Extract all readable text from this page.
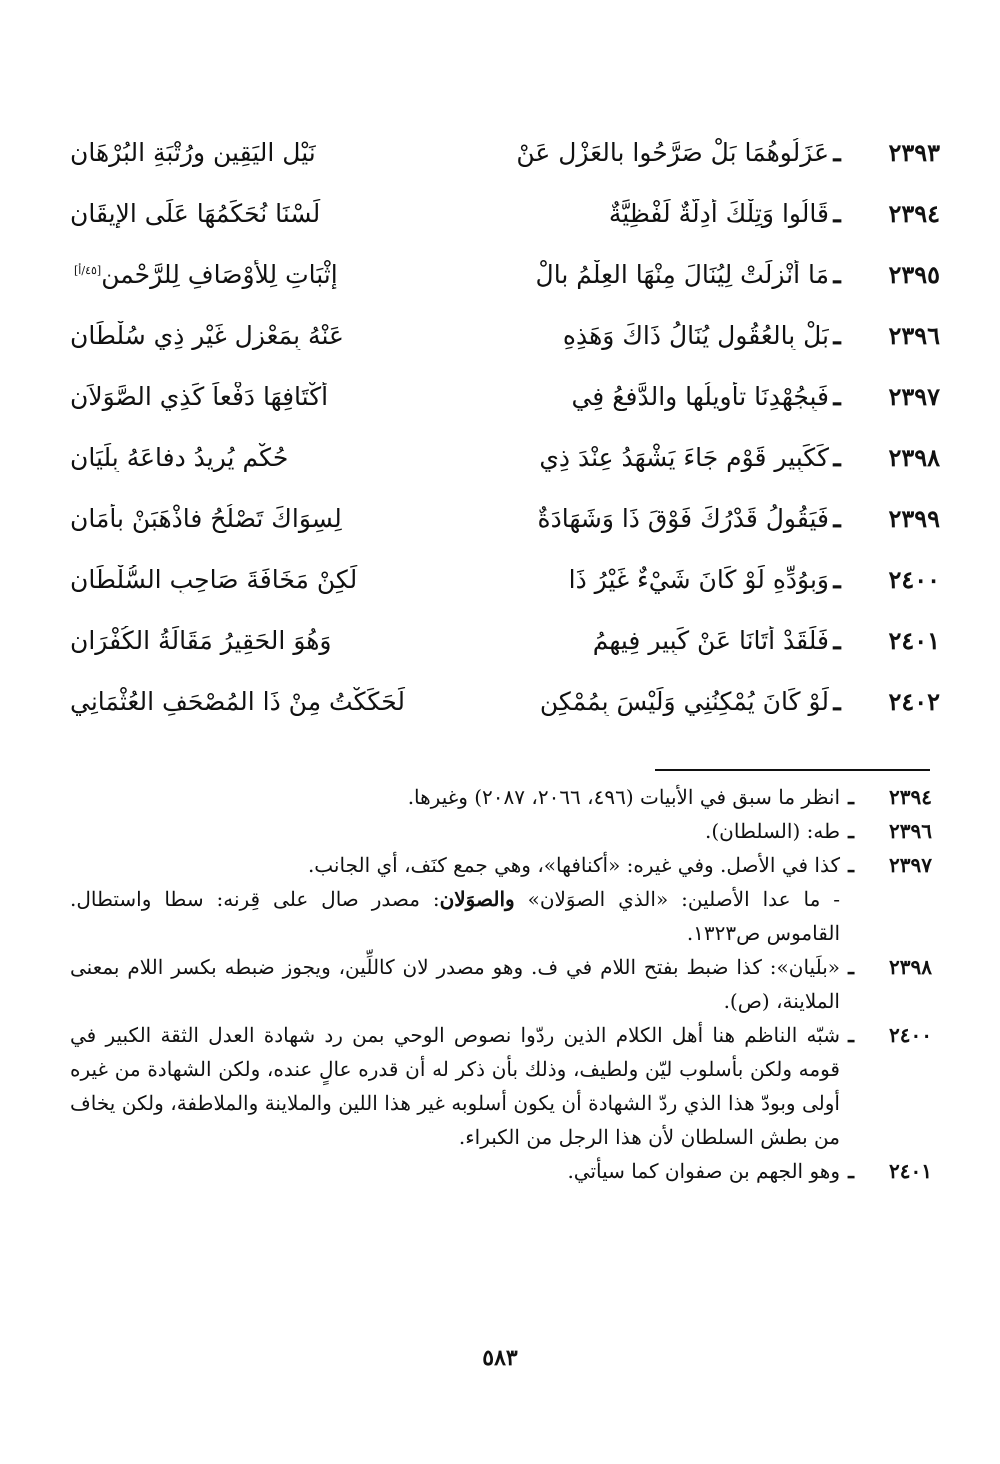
٢٣٩٣
ـ
عَزَلُوهُمَا بَلْ صَرَّحُوا بالعَزْلِ عَنْ
نَيْلِ اليَقِينِ ورُتْبَةِ البُرْهَانِ
٢٣٩٤
ـ
قَالُوا وَتِلْكَ أدِلَّةٌ لَفْظِيَّةٌ
لَسْنَا نُحَكِّمُهَا عَلَى الإيقَانِ
٢٣٩٥
ـ
مَا أُنْزِلَتْ لِيُنَالَ مِنْهَا العِلْمُ بالْ
إثْبَاتِ لِلأوْصَافِ لِلرَّحْمنِ[٤٥/أ]
٢٣٩٦
ـ
بَلْ بِالعُقُولِ يُنَالُ ذَاكَ وَهَذِهِ
عَنْهُ بِمَعْزِلِ غَيْرِ ذِي سُلْطَانِ
٢٣٩٧
ـ
فَبِجُهْدِنَا تأوِيلُها والدَّفعُ فِي
أكْتَافِهَا دَفْعاً كَذِي الصَّوَلاَنِ
٢٣٩٨
ـ
كَكَبِيرِ قَوْمٍ جَاءَ يَشْهَدُ عِنْدَ ذِي
حُكْمٍ يُرِيدُ دفاعَهُ بِلَيَانِ
٢٣٩٩
ـ
فَيَقُولُ قَدْرُكَ فَوْقَ ذَا وَشَهَادَةٌ
لِسِوَاكَ تَصْلُحُ فاذْهَبَنْ بأمَانِ
٢٤٠٠
ـ
وَبِوُدِّهِ لَوْ كَانَ شَيْءٌ غَيْرُ ذَا
لَكِنْ مَخَافَةَ صَاحِبِ السُّلْطَانِ
٢٤٠١
ـ
فَلَقَدْ أتَانَا عَنْ كَبِيرٍ فِيهِمُ
وَهُوَ الحَقِيرُ مَقَالَةُ الكُفْرَانِ
٢٤٠٢
ـ
لَوْ كَانَ يُمْكِنُنِي وَلَيْسَ بِمُمْكِنٍ
لَحَكَكْتُ مِنْ ذَا المُصْحَفِ العُثْمَانِي
٢٣٩٤
ـ
انظر ما سبق في الأبيات (٤٩٦، ٢٠٦٦، ٢٠٨٧) وغيرها.
٢٣٩٦
ـ
طه: (السلطان).
٢٣٩٧
ـ
كذا في الأصل. وفي غيره: «أكنافها»، وهي جمع كنَف، أي الجانب.
- ما عدا الأصلين: «الذي الصوَلان» والصوَلان: مصدر صال على قِرنه: سطا واستطال. القاموس ص١٣٢٣.
٢٣٩٨
ـ
«بلَيان»: كذا ضبط بفتح اللام في ف. وهو مصدر لان كاللِّين، ويجوز ضبطه بكسر اللام بمعنى الملاينة، (ص).
٢٤٠٠
ـ
شبّه الناظم هنا أهل الكلام الذين ردّوا نصوص الوحي بمن رد شهادة العدل الثقة الكبير في قومه ولكن بأسلوب ليّن ولطيف، وذلك بأن ذكر له أن قدره عالٍ عنده، ولكن الشهادة من غيره أولى وبودّ هذا الذي ردّ الشهادة أن يكون أسلوبه غير هذا اللين والملاينة والملاطفة، ولكن يخاف من بطش السلطان لأن هذا الرجل من الكبراء.
٢٤٠١
ـ
وهو الجهم بن صفوان كما سيأتي.
٥٨٣
